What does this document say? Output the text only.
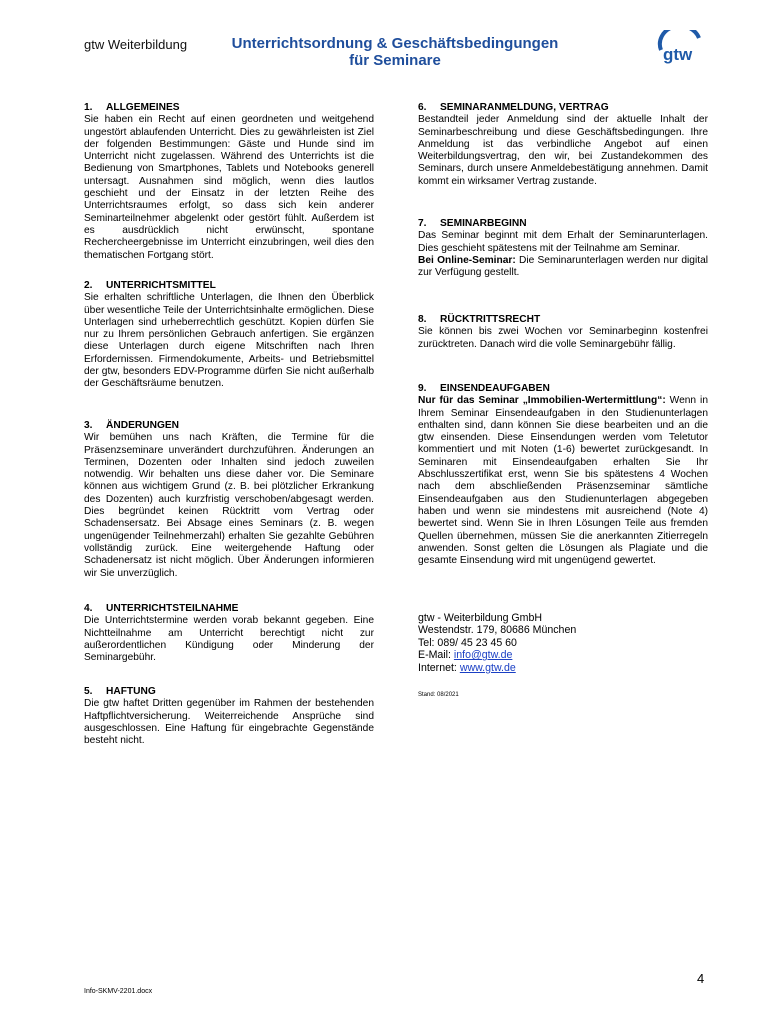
gtw Weiterbildung	Unterrichtsordnung & Geschäftsbedingungen
für Seminare	gtw
1. ALLGEMEINES

Sie haben ein Recht auf einen geordneten und weitgehend ungestört ablaufenden Unterricht. Dies zu gewährleisten ist Ziel der folgenden Bestimmungen: Gäste und Hunde sind im Unterricht nicht zugelassen. Während des Unterrichts ist die Bedienung von Smartphones, Tablets und Notebooks generell untersagt. Ausnahmen sind möglich, wenn dies lautlos geschieht und der Einsatz in der letzten Reihe des Unterrichtsraumes erfolgt, so dass sich kein anderer Seminarteilnehmer abgelenkt oder gestört fühlt. Außerdem ist es ausdrücklich nicht erwünscht, spontane Rechercheergebnisse im Unterricht einzubringen, weil dies den thematischen Fortgang stört.

2. UNTERRICHTSMITTEL

Sie erhalten schriftliche Unterlagen, die Ihnen den Überblick über wesentliche Teile der Unterrichtsinhalte ermöglichen. Diese Unterlagen sind urheberrechtlich geschützt. Kopien dürfen Sie nur zu Ihrem persönlichen Gebrauch anfertigen. Sie ergänzen diese Unterlagen durch eigene Mitschriften nach Ihren Erfordernissen. Firmendokumente, Arbeits- und Betriebsmittel der gtw, besonders EDV-Programme dürfen Sie nicht außerhalb der Geschäftsräume benutzen.

3. ÄNDERUNGEN

Wir bemühen uns nach Kräften, die Termine für die Präsenzseminare unverändert durchzuführen. Änderungen an Terminen, Dozenten oder Inhalten sind jedoch zuweilen notwendig. Wir behalten uns diese daher vor. Die Seminare können aus wichtigem Grund (z. B. bei plötzlicher Erkrankung des Dozenten) auch kurzfristig verschoben/abgesagt werden. Dies begründet keinen Rücktritt vom Vertrag oder Schadensersatz. Bei Absage eines Seminars (z. B. wegen ungenügender Teilnehmerzahl) erhalten Sie gezahlte Gebühren vollständig zurück. Eine weitergehende Haftung oder Schadenersatz ist nicht möglich. Über Änderungen informieren wir Sie unverzüglich.

4. UNTERRICHTSTEILNAHME

Die Unterrichtstermine werden vorab bekannt gegeben. Eine Nichtteilnahme am Unterricht berechtigt nicht zur außerordentlichen Kündigung oder Minderung der Seminargebühr.

5. HAFTUNG

Die gtw haftet Dritten gegenüber im Rahmen der bestehenden Haftpflichtversicherung. Weiterreichende Ansprüche sind ausgeschlossen. Eine Haftung für eingebrachte Gegenstände besteht nicht.

6. SEMINARANMELDUNG, VERTRAG

Bestandteil jeder Anmeldung sind der aktuelle Inhalt der Seminarbeschreibung und diese Geschäftsbedingungen. Ihre Anmeldung ist das verbindliche Angebot auf einen Weiterbildungsvertrag, den wir, bei Zustandekommen des Seminars, durch unsere Anmeldebestätigung annehmen. Damit kommt ein wirksamer Vertrag zustande.

7. SEMINARBEGINN

Das Seminar beginnt mit dem Erhalt der Seminarunterlagen. Dies geschieht spätestens mit der Teilnahme am Seminar.
Bei Online-Seminar: Die Seminarunterlagen werden nur digital zur Verfügung gestellt.

8. RÜCKTRITTSRECHT

Sie können bis zwei Wochen vor Seminarbeginn kostenfrei zurücktreten. Danach wird die volle Seminargebühr fällig.

9. EINSENDEAUFGABEN

Nur für das Seminar „Immobilien-Wertermittlung“: Wenn in Ihrem Seminar Einsendeaufgaben in den Studienunterlagen enthalten sind, dann können Sie diese bearbeiten und an die gtw einsenden. Diese Einsendungen werden vom Teletutor kommentiert und mit Noten (1-6) bewertet zurückgesandt. In Seminaren mit Einsendeaufgaben erhalten Sie Ihr Abschlusszertifikat erst, wenn Sie bis spätestens 4 Wochen nach dem abschließenden Präsenzseminar sämtliche Einsendeaufgaben aus den Studienunterlagen abgegeben haben und wenn sie mindestens mit ausreichend (Note 4) bewertet sind. Wenn Sie in Ihren Lösungen Teile aus fremden Quellen übernehmen, müssen Sie die anerkannten Zitierregeln anwenden. Sonst gelten die Lösungen als Plagiate und die gesamte Einsendung wird mit ungenügend gewertet.

gtw - Weiterbildung GmbH
Westendstr. 179, 80686 München
Tel: 089/ 45 23 45 60
E-Mail: info@gtw.de
Internet: www.gtw.de
Stand: 08/2021
Info-SKMV-2201.docx
4
